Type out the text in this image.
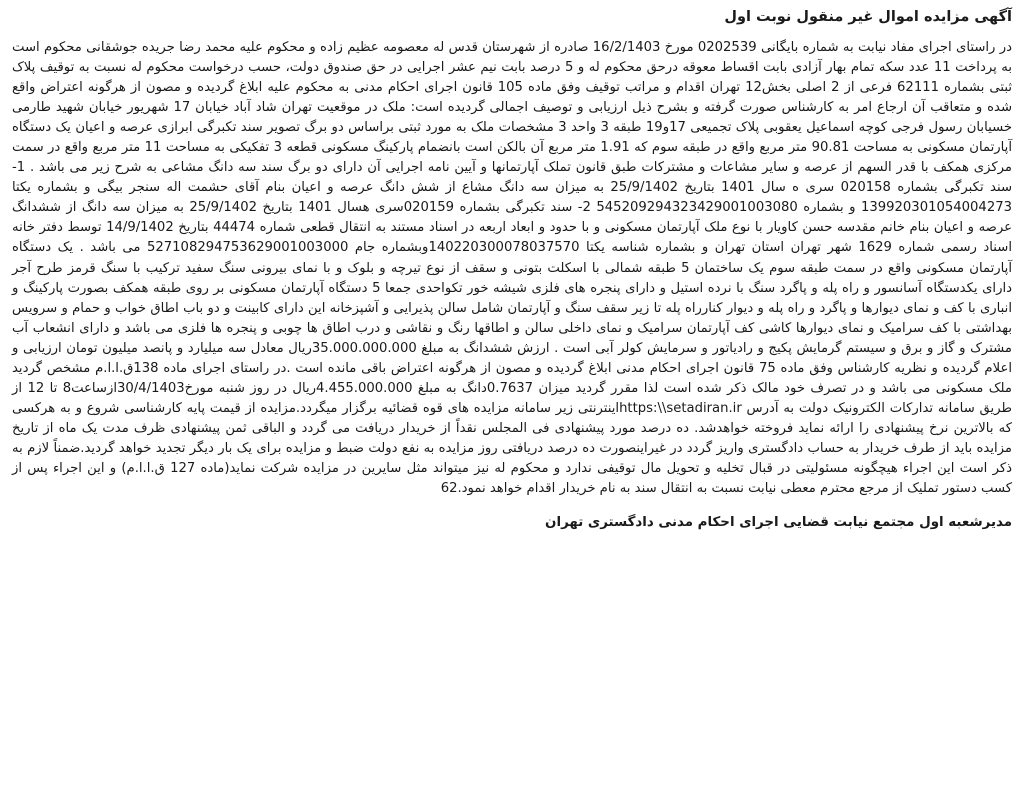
آگهی مزایده اموال غیر منقول نوبت اول

در راستای اجرای مفاد نیابت به شماره بایگانی 0202539 مورخ 16/2/1403 صادره از شهرستان قدس له معصومه عظیم زاده و محکوم علیه محمد رضا جریده جوشقانی محکوم است به پرداخت 11 عدد سکه تمام بهار آزادی بابت اقساط معوقه درحق محکوم له و 5 درصد بابت نیم عشر اجرایی در حق صندوق دولت، حسب درخواست محکوم له نسبت به توقیف پلاک ثبتی بشماره 62111 فرعی از 2 اصلی بخش12 تهران اقدام و مراتب توقیف وفق ماده 105 قانون اجرای احکام مدنی به محکوم علیه ابلاغ گردیده و مصون از هرگونه اعتراض واقع شده و متعاقب آن ارجاع امر به کارشناس صورت گرفته و بشرح ذیل ارزیابی و توصیف اجمالی گردیده است: ملک در موقعیت تهران شاد آباد خیابان 17 شهریور خیابان شهید طارمی خسیابان رسول فرجی کوچه اسماعیل یعقوبی پلاک تجمیعی 17و19 طبقه 3 واحد 3 مشخصات ملک به مورد ثبتی براساس دو برگ تصویر سند تکبرگی ابرازی عرصه و اعیان یک دستگاه آپارتمان مسکونی به مساحت 90.81 متر مربع واقع در طبقه سوم که 1.91 متر مربع آن بالکن است بانضمام پارکینگ مسکونی قطعه 3 تفکیکی به مساحت 11 متر مربع واقع در سمت مرکزی همکف با قدر السهم از عرصه و سایر مشاعات و مشترکات طبق قانون تملک آپارتمانها و آیین نامه اجرایی آن دارای دو برگ سند سه دانگ مشاعی به شرح زیر می باشد . 1- سند تکبرگی بشماره 020158 سری ه سال 1401 بتاریخ 25/9/1402 به میزان سه دانگ مشاع از شش دانگ عرصه و اعیان بنام آقای حشمت اله سنجر بیگی و بشماره یکتا 139920301054004273 و بشماره 545209294323429001003080 2- سند تکبرگی بشماره 020159سری هسال 1401 بتاریخ 25/9/1402 به میزان سه دانگ از ششدانگ عرصه و اعیان بنام خانم مقدسه حسن کاویار با نوع ملک آپارتمان مسکونی و با حدود و ابعاد اربعه در اسناد مستند به انتقال قطعی شماره 44474 بتاریخ 14/9/1402 توسط دفتر خانه اسناد رسمی شماره 1629 شهر تهران استان تهران و بشماره شناسه یکتا 140220300078037570وبشماره جام 527108294753629001003000 می باشد . یک دستگاه آپارتمان مسکونی واقع در سمت طبقه سوم یک ساختمان 5 طبقه شمالی با اسکلت بتونی و سقف از نوع تیرچه و بلوک و با نمای بیرونی سنگ سفید ترکیب با سنگ قرمز طرح آجر دارای یکدستگاه آسانسور و راه پله و پاگرد سنگ با نرده استیل و دارای پنجره های فلزی شیشه خور تکواحدی جمعا 5 دستگاه آپارتمان مسکونی بر روی طبقه همکف بصورت پارکینگ و انباری با کف و نمای دیوارها و پاگرد و راه پله و دیوار کنارراه پله تا زیر سقف سنگ و آپارتمان شامل سالن پذیرایی و آشپزخانه این دارای کابینت و دو باب اطاق خواب و حمام و سرویس بهداشتی با کف سرامیک و نمای دیوارها کاشی کف آپارتمان سرامیک و نمای داخلی سالن و اطاقها رنگ و نقاشی و درب اطاق ها چوبی و پنجره ها فلزی می باشد و دارای انشعاب آب مشترک و گاز و برق و سیستم گرمایش پکیج و رادیاتور و سرمایش کولر آبی است . ارزش ششدانگ به مبلغ 35.000.000.000ریال معادل سه میلیارد و پانصد میلیون تومان ارزیابی و اعلام گردیده و نظریه کارشناس وفق ماده 75 قانون اجرای احکام مدنی ابلاغ گردیده و مصون از هرگونه اعتراض باقی مانده است .در راستای اجرای ماده 138ق.ا.ا.م مشخص گردید ملک مسکونی می باشد و در تصرف خود مالک ذکر شده است لذا مقرر گردید میزان 0.7637دانگ به مبلغ 4.455.000.000ریال در روز شنبه مورخ30/4/1403ازساعت8 تا 12 از طریق سامانه تدارکات الکترونیک دولت به آدرس https:\\setadiran.irاینترنتی زیر سامانه مزایده های قوه قضائیه برگزار میگردد.مزایده از قیمت پایه کارشناسی شروع و به هرکسی که بالاترین نرخ پیشنهادی را ارائه نماید فروخته خواهدشد. ده درصد مورد پیشنهادی فی المجلس نقداً از خریدار دریافت می گردد و الباقی ثمن پیشنهادی ظرف مدت یک ماه از تاریخ مزایده باید از طرف خریدار به حساب دادگستری واریز گردد در غیراینصورت ده درصد دریافتی روز مزایده به نفع دولت ضبط و مزایده برای یک بار دیگر تجدید خواهد گردید.ضمناً لازم به ذکر است این اجراء هیچگونه مسئولیتی در قبال تخلیه و تحویل مال توقیفی ندارد و محکوم له نیز میتواند مثل سایرین در مزایده شرکت نماید(ماده 127 ق.ا.ا.م) و این اجراء پس از کسب دستور تملیک از مرجع محترم معطی نیابت نسبت به انتقال سند به نام خریدار اقدام خواهد نمود.62

مدیرشعبه اول مجتمع نیابت قضایی اجرای احکام مدنی دادگستری تهران
